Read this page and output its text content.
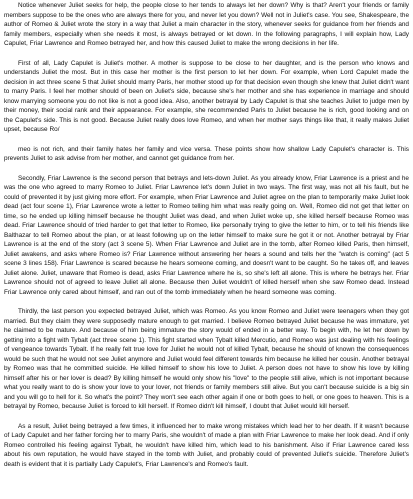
Notice whenever Juliet seeks for help, the people close to her tends to always let her down? Why is that? Aren't your friends or family members suppose to be the ones who are always there for you, and never let you down? Well not in Juliet's case. You see, Shakespeare, the author of Romeo & Juliet wrote the story in a way that Juliet a main character in the story, whenever seeks for guidance from her friends and family members, especially when she needs it most, is always betrayed or let down. In the following paragraphs, I will explain how, Lady Capulet, Friar Lawrence and Romeo betrayed her, and how this caused Juliet to make the wrong decisions in her life.

First of all, Lady Capulet is Juliet's mother. A mother is suppose to be close to her daughter, and is the person who knows and understands Juliet the most. But in this case her mother is the first person to let her down. For example, when Lord Capulet made the decision in act three scene 5 that Juliet should marry Paris, her mother stood up for that decision even though she knew that Juliet didn't want to marry Paris. I feel her mother should of been on Juliet's side, because she's her mother and she has experience in marriage and should know marrying someone you do not like is not a good idea. Also, another betrayal by Lady Capulet is that she teaches Juliet to judge men by their money, their social rank and their appearance. For example, she recommended Paris to Juliet because he is rich, good looking and on the Capulet's side. This is not good. Because Juliet really does love Romeo, and when her mother says things like that, it really makes Juliet upset, because Ro/

meo is not rich, and their family hates her family and vice versa. These points show how shallow Lady Capulet's character is. This prevents Juliet to ask advise from her mother, and cannot get guidance from her.

Secondly, Friar Lawrence is the second person that betrays and lets-down Juliet. As you already know, Friar Lawrence is a priest and he was the one who agreed to marry Romeo to Juliet. Friar Lawrence let's down Juliet in two ways. The first way, was not all his fault, but he could of prevented it by just giving more effort. For example, when Friar Lawrence and Juliet agree on the plan to temporarily make Juliet look dead (act four scene 1), Friar Lawrence wrote a letter to Romeo telling him what was really going on. Well, Romeo did not get that letter on time, so he ended up killing himself because he thought Juliet was dead, and when Juliet woke up, she killed herself because Romeo was dead. Friar Lawrence should of tried harder to get that letter to Romeo, like personally trying to give the letter to him, or to tell his friends like Balthazar to tell Romeo about the plan, or at least following up on the letter himself to make sure he got it or not. Another betrayal by Friar Lawrence is at the end of the story (act 3 scene 5). When Friar Lawrence and Juliet are in the tomb, after Romeo killed Paris, then himself, Juliet awakens, and asks where Romeo is? Friar Lawrence without answering her hears a sound and tells her the "watch is coming" (act 5 scene 3 lines 158). Friar Lawrence is scared because he hears someone coming, and doesn't want to be caught. So he takes off, and leaves Juliet alone. Juliet, unaware that Romeo is dead, asks Friar Lawrence where he is, so she's left all alone. This is where he betrays her. Friar Lawrence should not of agreed to leave Juliet all alone. Because then Juliet wouldn't of killed herself when she saw Romeo dead. Instead Friar Lawrence only cared about himself, and ran out of the tomb immediately when he heard someone was coming.

Thirdly, the last person you expected betrayed Juliet, which was Romeo. As you know Romeo and Juliet were teenagers when they got married. But they claim they were supposedly mature enough to get married. I believe Romeo betrayed Juliet because he was immature, yet he claimed to be mature. And because of him being immature the story would of ended in a better way. To begin with, he let her down by getting into a fight with Tybalt (act three scene 1). This fight started when Tybalt killed Mercutio, and Romeo was just dealing with his feelings of vengeance towards Tybalt. If he really felt true love for Juliet he would not of killed Tybalt, because he should of known the consequences would be such that he would not see Juliet anymore and Juliet would feel different towards him because he killed her cousin. Another betrayal by Romeo was that he committed suicide. He killed himself to show his love to Juliet. A person does not have to show his love by killing himself after his or her lover is dead? By killing himself he would only show his "love" to the people still alive, which is not important because what you really want to do is show your love to your lover, not friends or family members still alive. But you can't because suicide is a big sin and you will go to hell for it. So what's the point? They won't see each other again if one or both goes to hell, or one goes to heaven. This is a betrayal by Romeo, because Juliet is forced to kill herself. If Romeo didn't kill himself, I doubt that Juliet would kill herself.

As a result, Juliet being betrayed a few times, it influenced her to make wrong mistakes which lead her to her death. If it wasn't because of Lady Capulet and her father forcing her to marry Paris, she wouldn't of made a plan with Friar Lawrence to make her look dead. And if only Romeo controlled his feeling against Tybalt, he wouldn't have killed him, which lead to his banishment. Also if Friar Lawrence cared less about his own reputation, he would have stayed in the tomb with Juliet, and probably could of prevented Juliet's suicide. Therefore Juliet's death is evident that it is partially Lady Capulet's, Friar Lawrence's and Romeo's fault.
